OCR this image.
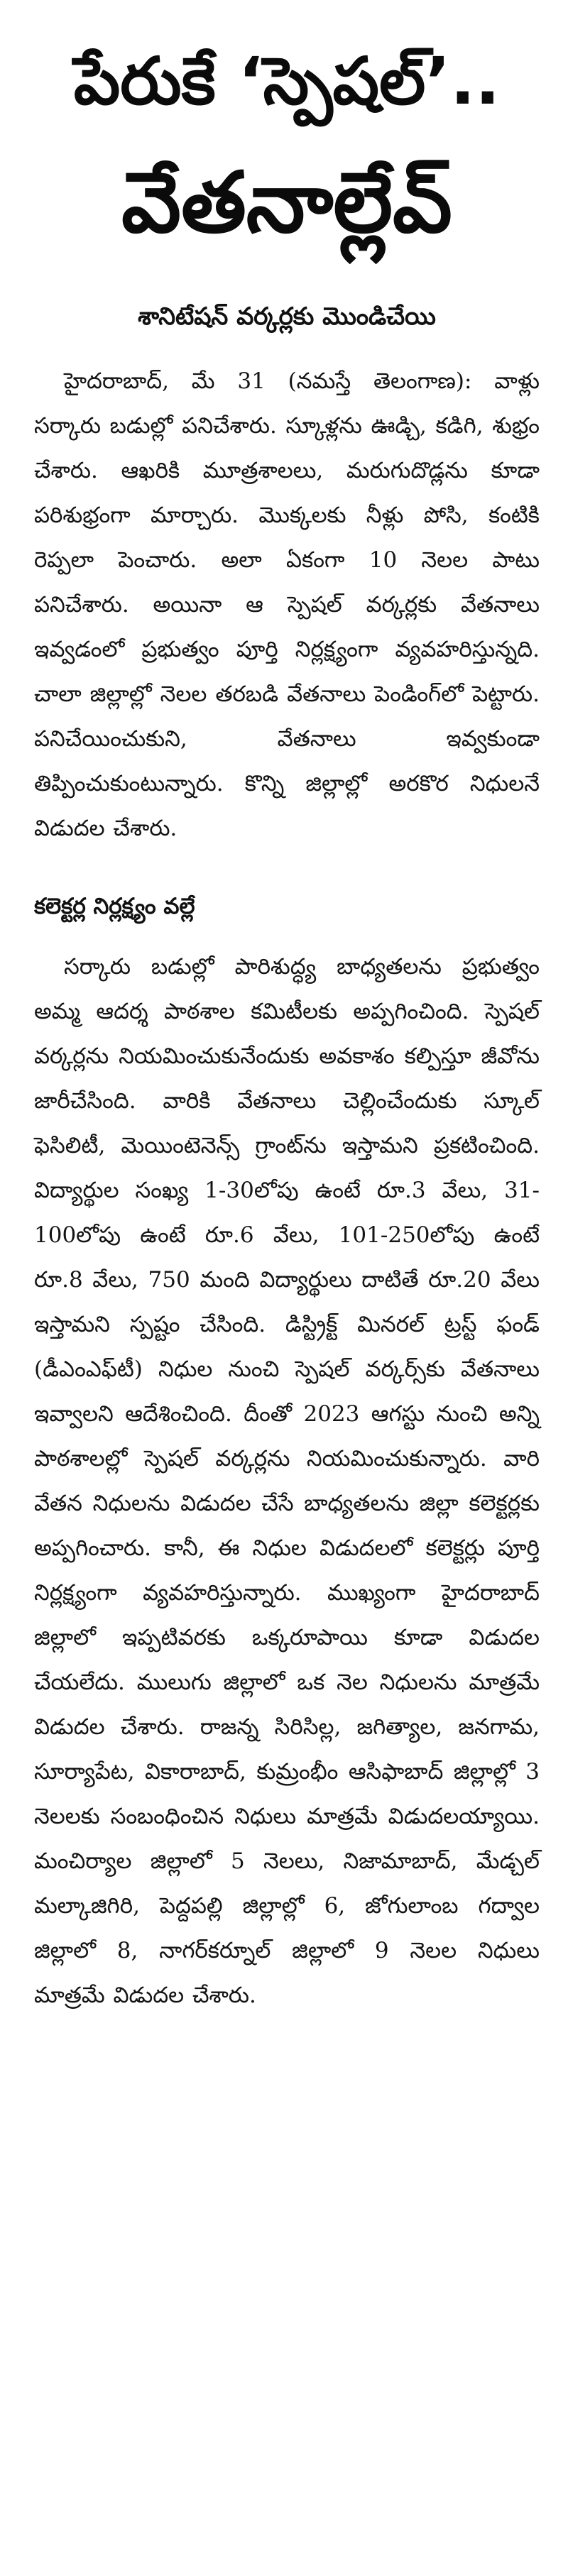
పేరుకే ‘స్పెషల్’..
వేతనాల్లేవ్
శానిటేషన్ వర్కర్లకు మొండిచేయి

హైదరాబాద్, మే 31 (నమస్తే తెలంగాణ): వాళ్లు సర్కారు బడుల్లో పనిచేశారు. స్కూళ్లను ఊడ్చి, కడిగి, శుభ్రం చేశారు. ఆఖరికి మూత్రశాలలు, మరుగుదొడ్లను కూడా పరిశుభ్రంగా మార్చారు. మొక్కలకు నీళ్లు పోసి, కంటికి రెప్పలా పెంచారు. అలా ఏకంగా 10 నెలల పాటు పనిచేశారు. అయినా ఆ స్పెషల్ వర్కర్లకు వేతనాలు ఇవ్వడంలో ప్రభుత్వం పూర్తి నిర్లక్ష్యంగా వ్యవహరిస్తున్నది. చాలా జిల్లాల్లో నెలల తరబడి వేతనాలు పెండింగ్‌లో పెట్టారు. పనిచేయించుకుని, వేతనాలు ఇవ్వకుండా తిప్పించుకుంటున్నారు. కొన్ని జిల్లాల్లో అరకొర నిధులనే విడుదల చేశారు.

కలెక్టర్ల నిర్లక్ష్యం వల్లే

సర్కారు బడుల్లో పారిశుద్ధ్య బాధ్యతలను ప్రభుత్వం అమ్మ ఆదర్శ పాఠశాల కమిటీలకు అప్పగించింది. స్పెషల్ వర్కర్లను నియమించుకునేందుకు అవకాశం కల్పిస్తూ జీవోను జారీచేసింది. వారికి వేతనాలు చెల్లించేందుకు స్కూల్ ఫెసిలిటీ, మెయింటెనెన్స్ గ్రాంట్‌ను ఇస్తామని ప్రకటించింది. విద్యార్థుల సంఖ్య 1-30లోపు ఉంటే రూ.3 వేలు, 31-100లోపు ఉంటే రూ.6 వేలు, 101-250లోపు ఉంటే రూ.8 వేలు, 750 మంది విద్యార్థులు దాటితే రూ.20 వేలు ఇస్తామని స్పష్టం చేసింది. డిస్ట్రిక్ట్ మినరల్ ట్రస్ట్ ఫండ్ (డీఎంఎఫ్‌టీ) నిధుల నుంచి స్పెషల్ వర్కర్స్‌కు వేతనాలు ఇవ్వాలని ఆదేశించింది. దీంతో 2023 ఆగస్టు నుంచి అన్ని పాఠశాలల్లో స్పెషల్ వర్కర్లను నియమించుకున్నారు. వారి వేతన నిధులను విడుదల చేసే బాధ్యతలను జిల్లా కలెక్టర్లకు అప్పగించారు. కానీ, ఈ నిధుల విడుదలలో కలెక్టర్లు పూర్తి నిర్లక్ష్యంగా వ్యవహరిస్తున్నారు. ముఖ్యంగా హైదరాబాద్ జిల్లాలో ఇప్పటివరకు ఒక్కరూపాయి కూడా విడుదల చేయలేదు. ములుగు జిల్లాలో ఒక నెల నిధులను మాత్రమే విడుదల చేశారు. రాజన్న సిరిసిల్ల, జగిత్యాల, జనగామ, సూర్యాపేట, వికారాబాద్, కుమ్రంభీం ఆసిఫాబాద్ జిల్లాల్లో 3 నెలలకు సంబంధించిన నిధులు మాత్రమే విడుదలయ్యాయి. మంచిర్యాల జిల్లాలో 5 నెలలు, నిజామాబాద్, మేడ్చల్ మల్కాజిగిరి, పెద్దపల్లి జిల్లాల్లో 6, జోగులాంబ గద్వాల జిల్లాలో 8, నాగర్‌కర్నూల్ జిల్లాలో 9 నెలల నిధులు మాత్రమే విడుదల చేశారు.
